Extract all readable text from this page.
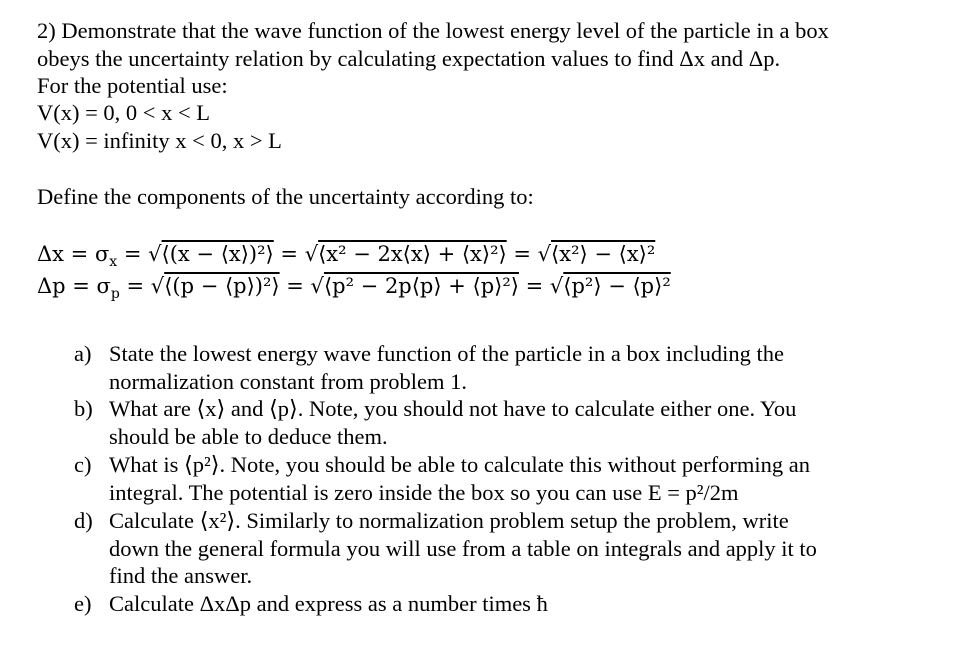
2) Demonstrate that the wave function of the lowest energy level of the particle in a box
obeys the uncertainty relation by calculating expectation values to find Δx and Δp.
For the potential use:
V(x) = 0, 0 < x < L
V(x) = infinity x < 0, x > L
Define the components of the uncertainty according to:
$\Delta x = \sigma_x$ = √⟨(x − ⟨x⟩)²⟩ = √⟨x² − 2x⟨x⟩ + ⟨x⟩²⟩ = √⟨x²⟩ − ⟨x⟩²
$\Delta p = \sigma_p$ = √⟨(p − ⟨p⟩)²⟩ = √⟨p² − 2p⟨p⟩ + ⟨p⟩²⟩ = √⟨p²⟩ − ⟨p⟩²
a) State the lowest energy wave function of the particle in a box including the
normalization constant from problem 1.
b) What are ⟨x⟩ and ⟨p⟩. Note, you should not have to calculate either one. You
should be able to deduce them.
c) What is ⟨p²⟩. Note, you should be able to calculate this without performing an
integral. The potential is zero inside the box so you can use E = p²/2m
d) Calculate ⟨x²⟩. Similarly to normalization problem setup the problem, write
down the general formula you will use from a table on integrals and apply it to
find the answer.
e) Calculate ΔxΔp and express as a number times ħ
